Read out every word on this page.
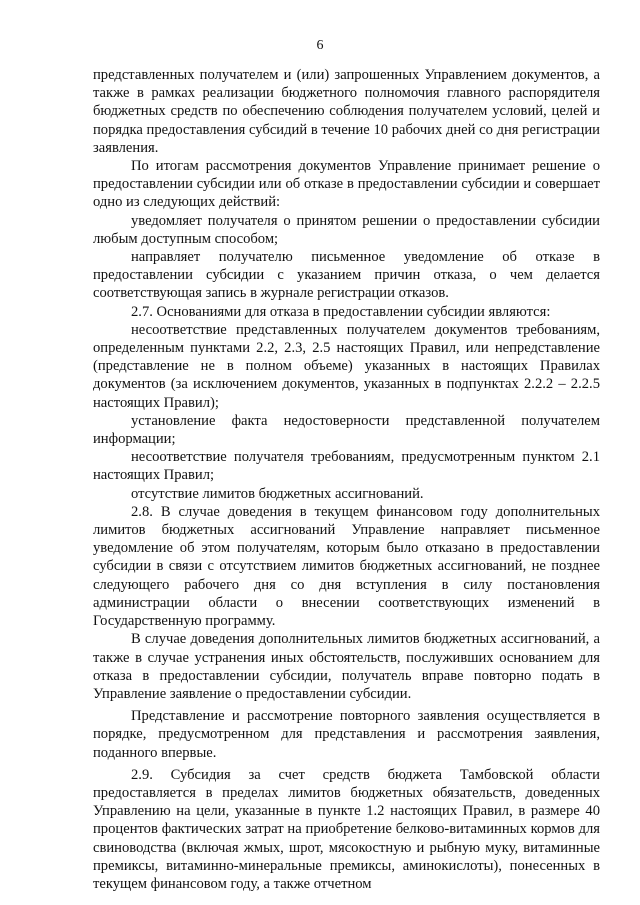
6

представленных получателем и (или) запрошенных Управлением документов, а также в рамках реализации бюджетного полномочия главного распорядителя бюджетных средств по обеспечению соблюдения получателем условий, целей и порядка предоставления субсидий в течение 10 рабочих дней со дня регистрации заявления.

По итогам рассмотрения документов Управление принимает решение о предоставлении субсидии или об отказе в предоставлении субсидии и совершает одно из следующих действий:

уведомляет получателя о принятом решении о предоставлении субсидии любым доступным способом;

направляет получателю письменное уведомление об отказе в предоставлении субсидии с указанием причин отказа, о чем делается соответствующая запись в журнале регистрации отказов.

2.7. Основаниями для отказа в предоставлении субсидии являются:

несоответствие представленных получателем документов требованиям, определенным пунктами 2.2, 2.3, 2.5 настоящих Правил, или непредставление (представление не в полном объеме) указанных в настоящих Правилах документов (за исключением документов, указанных в подпунктах 2.2.2 – 2.2.5 настоящих Правил);

установление факта недостоверности представленной получателем информации;

несоответствие получателя требованиям, предусмотренным пунктом 2.1 настоящих Правил;

отсутствие лимитов бюджетных ассигнований.

2.8. В случае доведения в текущем финансовом году дополнительных лимитов бюджетных ассигнований Управление направляет письменное уведомление об этом получателям, которым было отказано в предоставлении субсидии в связи с отсутствием лимитов бюджетных ассигнований, не позднее следующего рабочего дня со дня вступления в силу постановления администрации области о внесении соответствующих изменений в Государственную программу.

В случае доведения дополнительных лимитов бюджетных ассигнований, а также в случае устранения иных обстоятельств, послуживших основанием для отказа в предоставлении субсидии, получатель вправе повторно подать в Управление заявление о предоставлении субсидии.

Представление и рассмотрение повторного заявления осуществляется в порядке, предусмотренном для представления и рассмотрения заявления, поданного впервые.

2.9. Субсидия за счет средств бюджета Тамбовской области предоставляется в пределах лимитов бюджетных обязательств, доведенных Управлению на цели, указанные в пункте 1.2 настоящих Правил, в размере 40 процентов фактических затрат на приобретение белково-витаминных кормов для свиноводства (включая жмых, шрот, мясокостную и рыбную муку, витаминные премиксы, витаминно-минеральные премиксы, аминокислоты), понесенных в текущем финансовом году, а также отчетном
